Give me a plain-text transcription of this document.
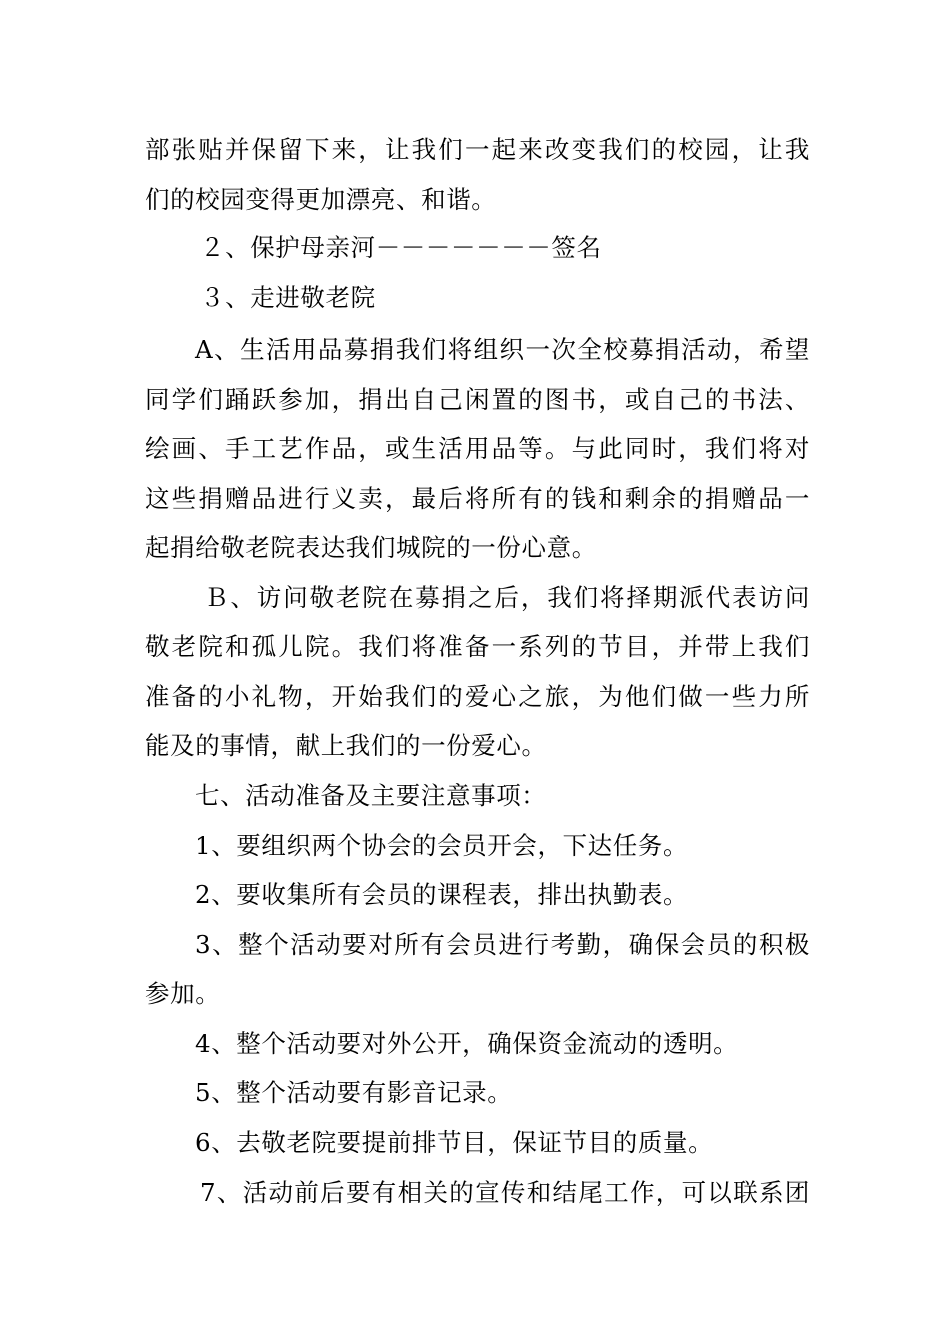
部张贴并保留下来，让我们一起来改变我们的校园，让我
们的校园变得更加漂亮、和谐。
２、保护母亲河－－－－－－－签名
３、走进敬老院
A、生活用品募捐我们将组织一次全校募捐活动，希望
同学们踊跃参加，捐出自己闲置的图书，或自己的书法、
绘画、手工艺作品，或生活用品等。与此同时，我们将对
这些捐赠品进行义卖，最后将所有的钱和剩余的捐赠品一
起捐给敬老院表达我们城院的一份心意。
Ｂ、访问敬老院在募捐之后，我们将择期派代表访问
敬老院和孤儿院。我们将准备一系列的节目，并带上我们
准备的小礼物，开始我们的爱心之旅，为他们做一些力所
能及的事情，献上我们的一份爱心。
七、活动准备及主要注意事项：
1、要组织两个协会的会员开会，下达任务。
2、要收集所有会员的课程表，排出执勤表。
3、整个活动要对所有会员进行考勤，确保会员的积极
参加。
4、整个活动要对外公开，确保资金流动的透明。
5、整个活动要有影音记录。
6、去敬老院要提前排节目，保证节目的质量。
7、活动前后要有相关的宣传和结尾工作，可以联系团
